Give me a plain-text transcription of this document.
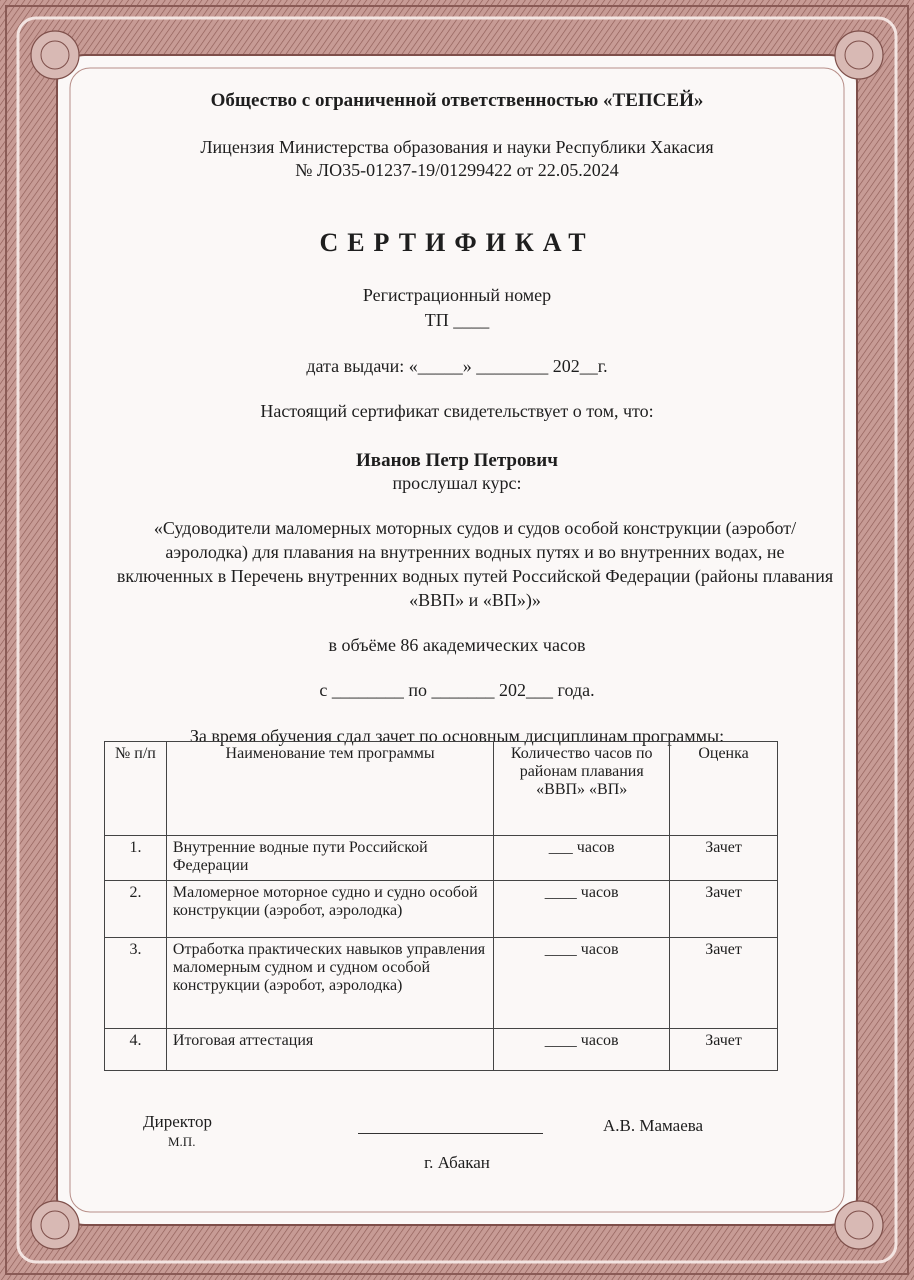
Общество с ограниченной ответственностью «ТЕПСЕЙ»
Лицензия Министерства образования и науки Республики Хакасия
№ ЛО35-01237-19/01299422 от 22.05.2024
СЕРТИФИКАТ
Регистрационный номер
ТП ____
дата выдачи: «_____» ________ 202__г.
Настоящий сертификат свидетельствует о том, что:
Иванов Петр Петрович
прослушал курс:
«Судоводители маломерных моторных судов и судов особой конструкции (аэробот/аэролодка) для плавания на внутренних водных путях и во внутренних водах, не включенных в Перечень внутренних водных путей Российской Федерации (районы плавания «ВВП» и «ВП»)»
в объёме 86 академических часов
с ________ по _______ 202___ года.
За время обучения сдал зачет по основным дисциплинам программы:
№ п/п	Наименование тем программы	Количество часов по районам плавания «ВВП» «ВП»	Оценка
1.	Внутренние водные пути Российской Федерации	___ часов	Зачет
2.	Маломерное моторное судно и судно особой конструкции (аэробот, аэролодка)	____ часов	Зачет
3.	Отработка практических навыков управления маломерным судном и судном особой конструкции (аэробот, аэролодка)	____ часов	Зачет
4.	Итоговая аттестация	____ часов	Зачет
Директор
М.П.
А.В. Мамаева
г. Абакан
